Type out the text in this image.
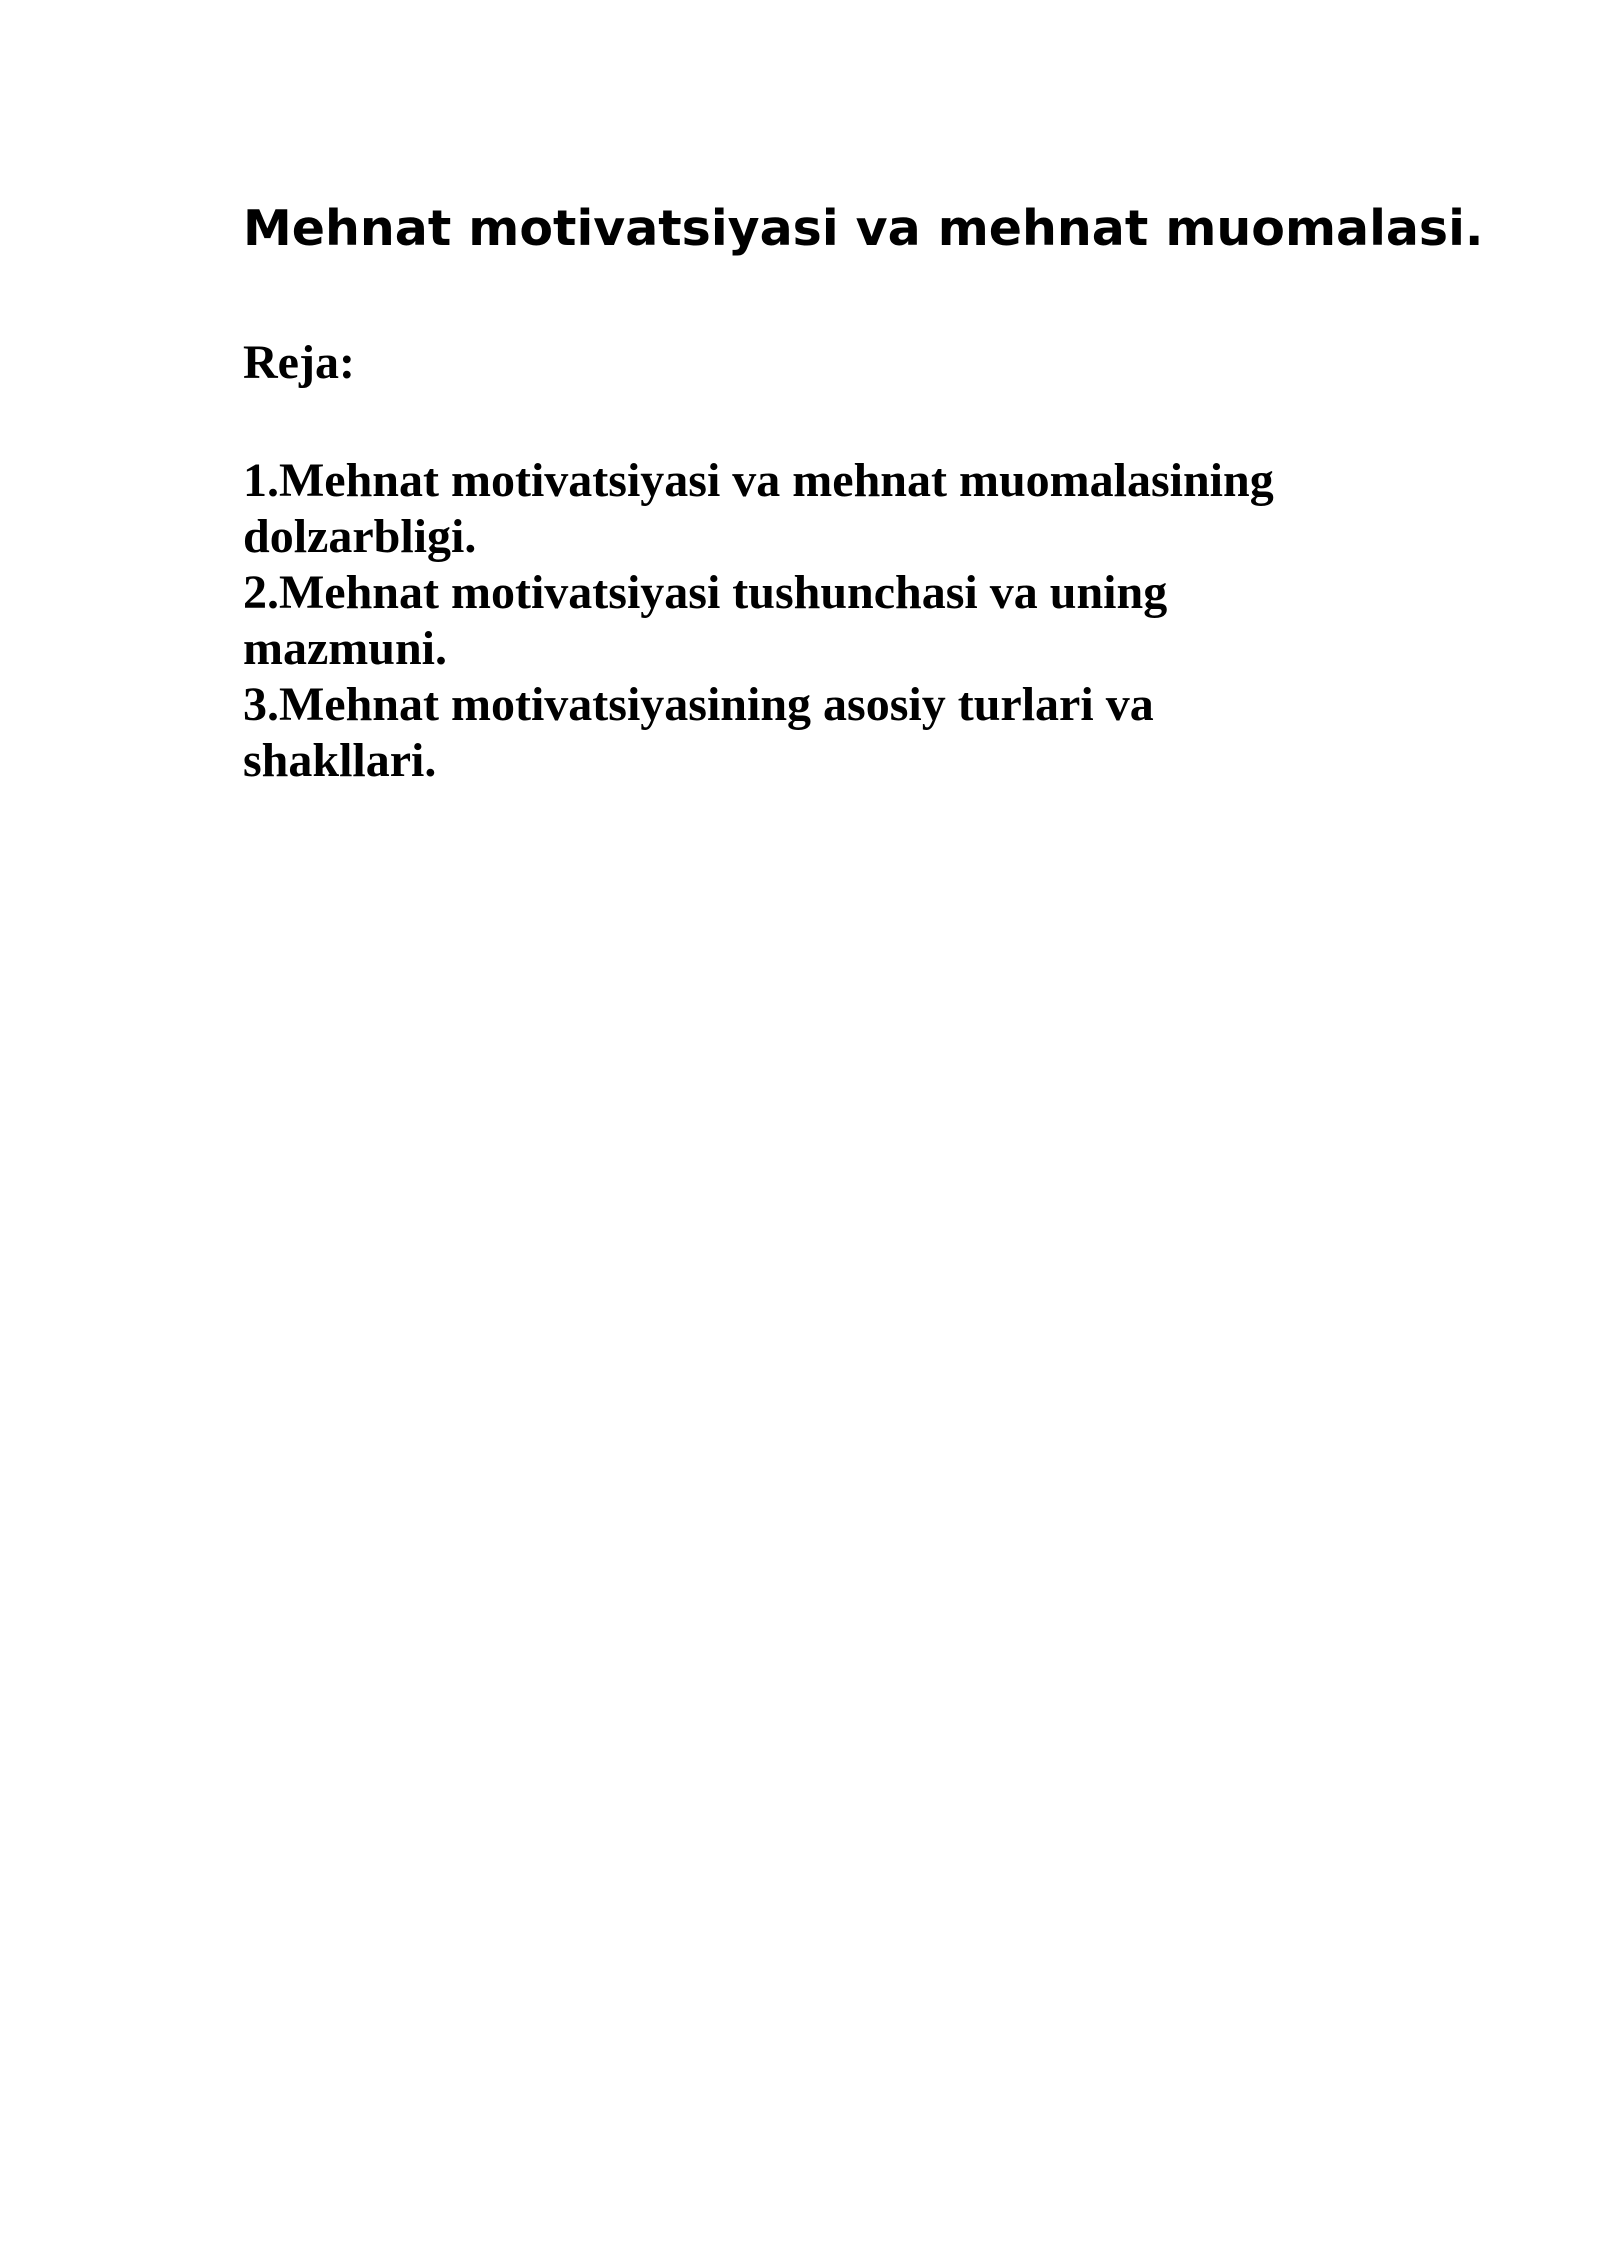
Mehnat motivatsiyasi va mehnat muomalasi.
Reja:
1.Mehnat motivatsiyasi va mehnat muomalasining
dolzarbligi.
2.Mehnat motivatsiyasi tushunchasi va uning
mazmuni.
3.Mehnat motivatsiyasining asosiy turlari va
shakllari.
